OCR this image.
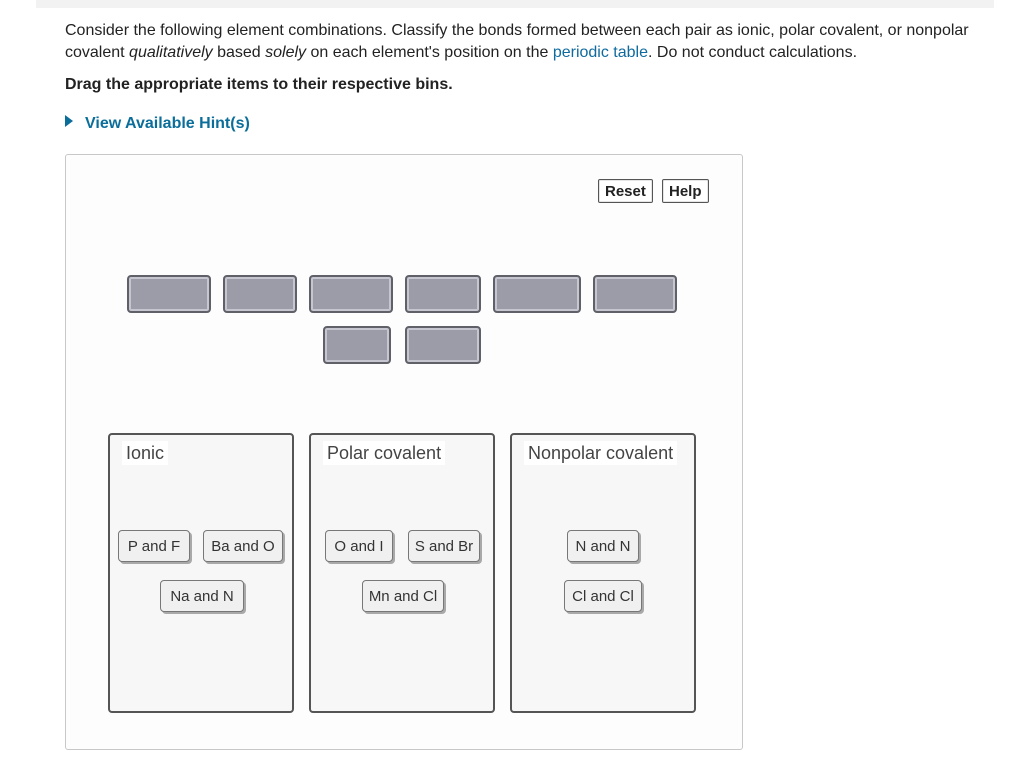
Consider the following element combinations. Classify the bonds formed between each pair as ionic, polar covalent, or nonpolar covalent qualitatively based solely on each element's position on the periodic table. Do not conduct calculations.
Drag the appropriate items to their respective bins.
View Available Hint(s)
Reset	Help
Ionic
P and F	Ba and O
Na and N
Polar covalent
O and I	S and Br
Mn and Cl
Nonpolar covalent
N and N
Cl and Cl
